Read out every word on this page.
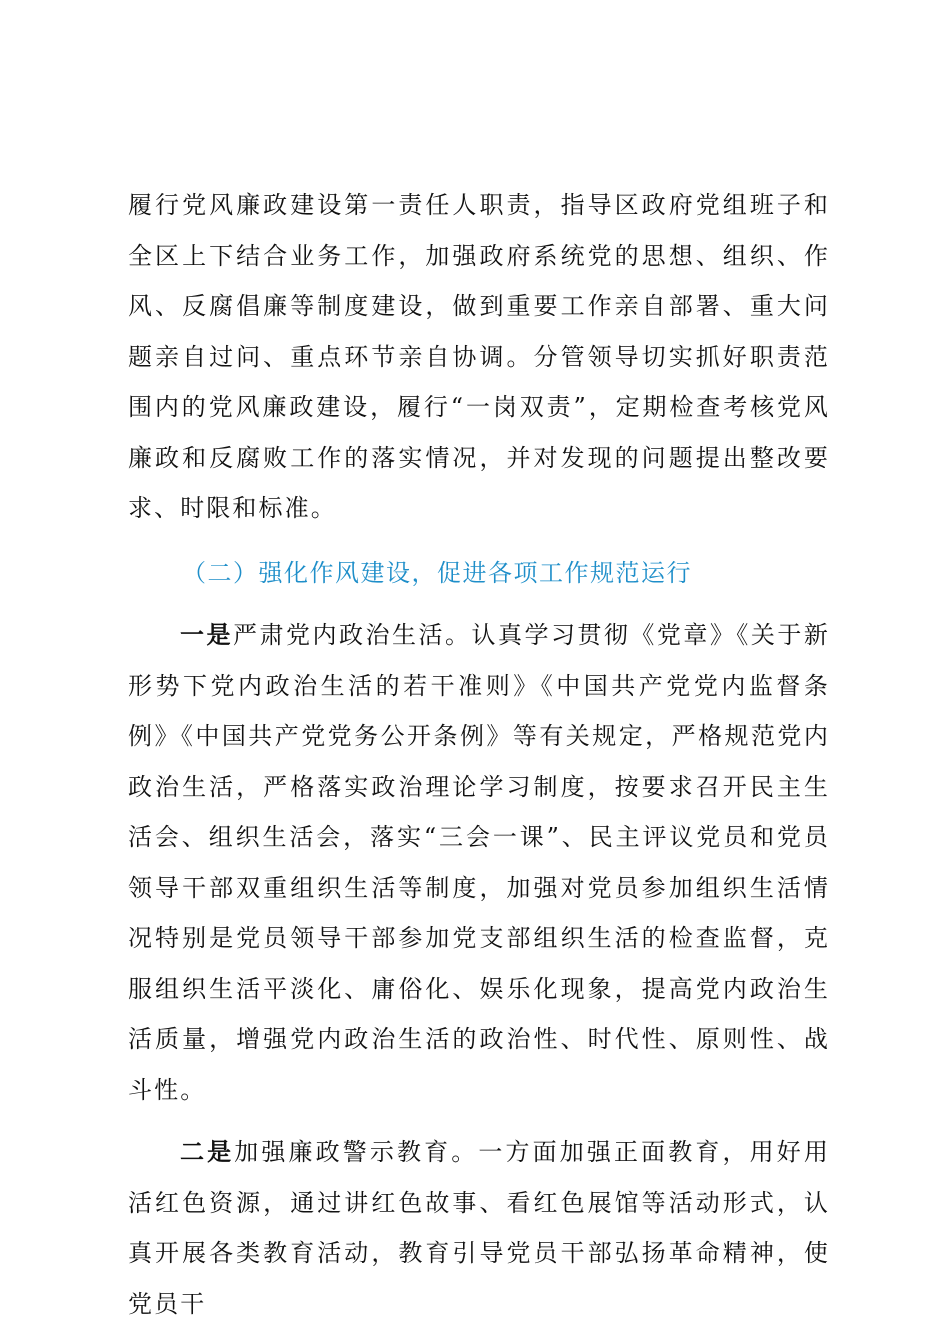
履行党风廉政建设第一责任人职责，指导区政府党组班子和全区上下结合业务工作，加强政府系统党的思想、组织、作风、反腐倡廉等制度建设，做到重要工作亲自部署、重大问题亲自过问、重点环节亲自协调。分管领导切实抓好职责范围内的党风廉政建设，履行“一岗双责”，定期检查考核党风廉政和反腐败工作的落实情况，并对发现的问题提出整改要求、时限和标准。

（二）强化作风建设，促进各项工作规范运行

一是严肃党内政治生活。认真学习贯彻《党章》《关于新形势下党内政治生活的若干准则》《中国共产党党内监督条例》《中国共产党党务公开条例》等有关规定，严格规范党内政治生活，严格落实政治理论学习制度，按要求召开民主生活会、组织生活会，落实“三会一课”、民主评议党员和党员领导干部双重组织生活等制度，加强对党员参加组织生活情况特别是党员领导干部参加党支部组织生活的检查监督，克服组织生活平淡化、庸俗化、娱乐化现象，提高党内政治生活质量，增强党内政治生活的政治性、时代性、原则性、战斗性。

二是加强廉政警示教育。一方面加强正面教育，用好用活红色资源，通过讲红色故事、看红色展馆等活动形式，认真开展各类教育活动，教育引导党员干部弘扬革命精神，使党员干
